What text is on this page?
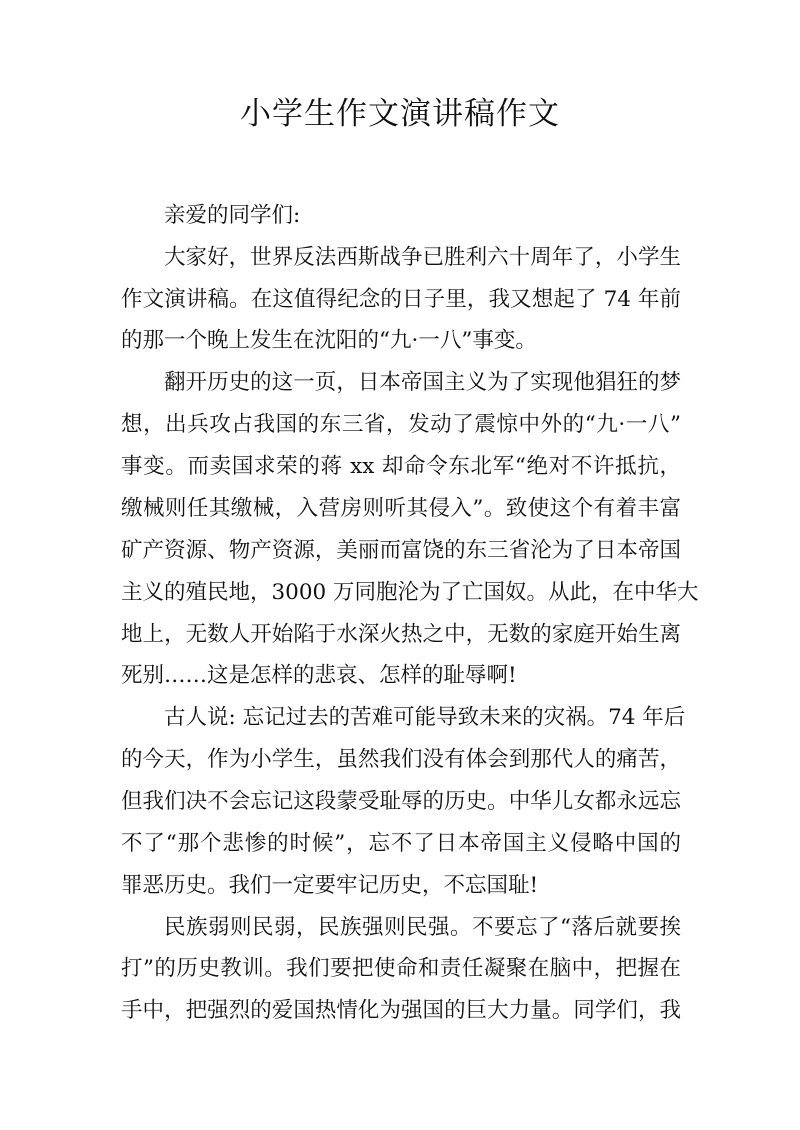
小学生作文演讲稿作文

亲爱的同学们:

大家好，世界反法西斯战争已胜利六十周年了，小学生

作文演讲稿。在这值得纪念的日子里，我又想起了 74 年前

的那一个晚上发生在沈阳的“九·一八”事变。

翻开历史的这一页，日本帝国主义为了实现他猖狂的梦

想，出兵攻占我国的东三省，发动了震惊中外的“九·一八”

事变。而卖国求荣的蒋 xx 却命令东北军“绝对不许抵抗，

缴械则任其缴械，入营房则听其侵入”。致使这个有着丰富

矿产资源、物产资源，美丽而富饶的东三省沦为了日本帝国

主义的殖民地，3000 万同胞沦为了亡国奴。从此，在中华大

地上，无数人开始陷于水深火热之中，无数的家庭开始生离

死别……这是怎样的悲哀、怎样的耻辱啊!

古人说: 忘记过去的苦难可能导致未来的灾祸。74 年后

的今天，作为小学生，虽然我们没有体会到那代人的痛苦，

但我们决不会忘记这段蒙受耻辱的历史。中华儿女都永远忘

不了“那个悲惨的时候”，忘不了日本帝国主义侵略中国的

罪恶历史。我们一定要牢记历史，不忘国耻!

民族弱则民弱，民族强则民强。不要忘了“落后就要挨

打”的历史教训。我们要把使命和责任凝聚在脑中，把握在

手中，把强烈的爱国热情化为强国的巨大力量。同学们，我
